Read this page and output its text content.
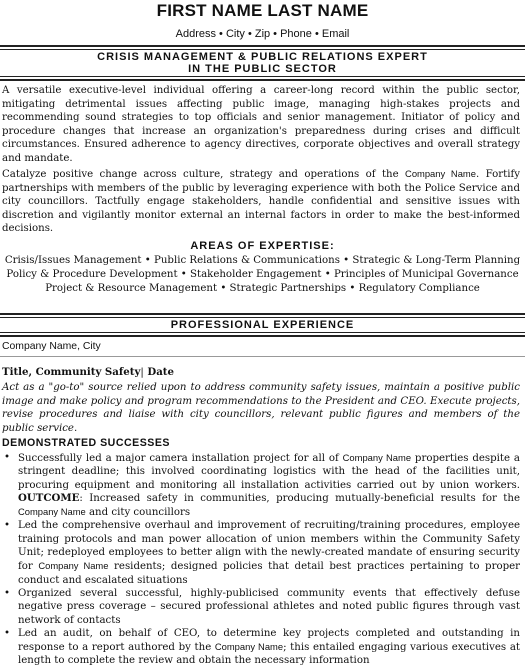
FIRST NAME LAST NAME
Address • City • Zip • Phone • Email
CRISIS MANAGEMENT & PUBLIC RELATIONS EXPERT
IN THE PUBLIC SECTOR

A versatile executive-level individual offering a career-long record within the public sector, mitigating detrimental issues affecting public image, managing high-stakes projects and recommending sound strategies to top officials and senior management. Initiator of policy and procedure changes that increase an organization's preparedness during crises and difficult circumstances. Ensured adherence to agency directives, corporate objectives and overall strategy and mandate.

Catalyze positive change across culture, strategy and operations of the Company Name. Fortify partnerships with members of the public by leveraging experience with both the Police Service and city councillors. Tactfully engage stakeholders, handle confidential and sensitive issues with discretion and vigilantly monitor external an internal factors in order to make the best-informed decisions.

AREAS OF EXPERTISE:
Crisis/Issues Management • Public Relations & Communications • Strategic & Long-Term Planning
Policy & Procedure Development • Stakeholder Engagement • Principles of Municipal Governance
Project & Resource Management • Strategic Partnerships • Regulatory Compliance
PROFESSIONAL EXPERIENCE
Company Name, City
Title, Community Safety| Date

Act as a "go-to" source relied upon to address community safety issues, maintain a positive public image and make policy and program recommendations to the President and CEO. Execute projects, revise procedures and liaise with city councillors, relevant public figures and members of the public service.

DEMONSTRATED SUCCESSES
• Successfully led a major camera installation project for all of Company Name properties despite a stringent deadline; this involved coordinating logistics with the head of the facilities unit, procuring equipment and monitoring all installation activities carried out by union workers. OUTCOME: Increased safety in communities, producing mutually-beneficial results for the Company Name and city councillors
• Led the comprehensive overhaul and improvement of recruiting/training procedures, employee training protocols and man power allocation of union members within the Community Safety Unit; redeployed employees to better align with the newly-created mandate of ensuring security for Company Name residents; designed policies that detail best practices pertaining to proper conduct and escalated situations
• Organized several successful, highly-publicised community events that effectively defuse negative press coverage – secured professional athletes and noted public figures through vast network of contacts
• Led an audit, on behalf of CEO, to determine key projects completed and outstanding in response to a report authored by the Company Name; this entailed engaging various executives at length to complete the review and obtain the necessary information
